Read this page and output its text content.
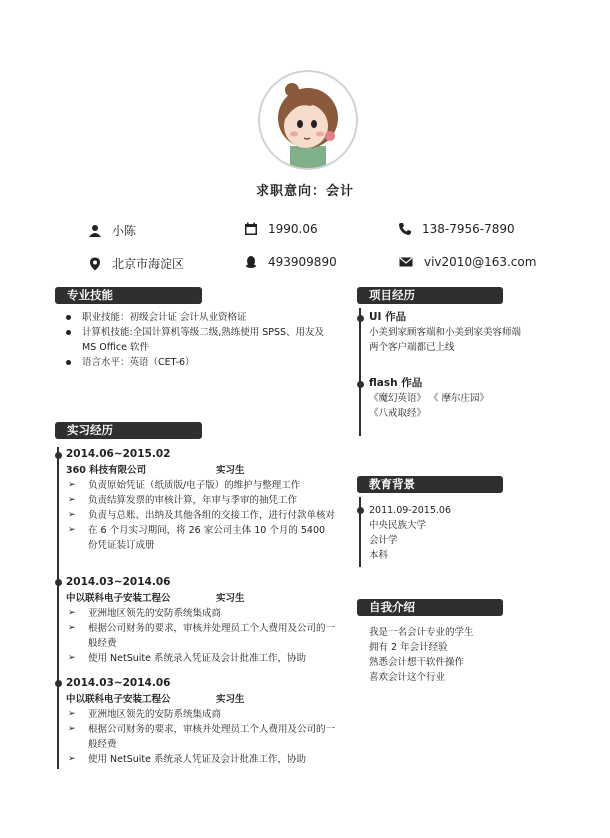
求职意向：会计
小陈	1990.06	138-7956-7890
北京市海淀区	493909890	viv2010@163.com
专业技能
职业技能：初级会计证 会计从业资格证
计算机技能:全国计算机等级二级,熟练使用 SPSS、用友及 MS Office 软件
语言水平：英语（CET-6）
实习经历
2014.06~2015.02
360 科技有限公司	实习生
➢ 负责原始凭证（纸质版/电子版）的维护与整理工作
➢ 负责结算发票的审核计算，年审与季审的抽凭工作
➢ 负责与总账、出纳及其他各组的交接工作，进行付款单核对
➢ 在 6 个月实习期间，将 26 家公司主体 10 个月的 5400 份凭证装订成册
2014.03~2014.06
中以联科电子安装工程公	实习生
➢ 亚洲地区领先的安防系统集成商
➢ 根据公司财务的要求，审核并处理员工个人费用及公司的一般经费
➢ 使用 NetSuite 系统录入凭证及会计批准工作，协助
2014.03~2014.06
中以联科电子安装工程公	实习生
➢ 亚洲地区领先的安防系统集成商
➢ 根据公司财务的要求，审核并处理员工个人费用及公司的一般经费
➢ 使用 NetSuite 系统录人凭证及会计批准工作，协助
项目经历
UI 作品
小美到家顾客端和小美到家美容师端
两个客户端都已上线
flash 作品
《魔幻英语》 《 摩尔庄园》
《八戒取经》
教育背景
2011.09-2015.06
中央民族大学
会计学
本科
自我介绍
我是一名会计专业的学生
拥有 2 年会计经验
熟悉会计想干软件操作
喜欢会计这个行业
